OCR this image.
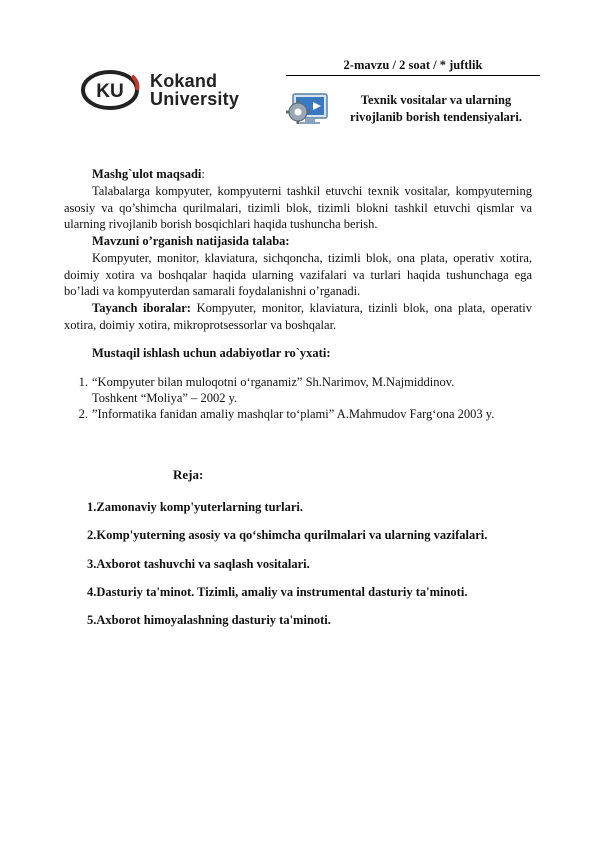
2-mavzu / 2 soat / * juftlik
Texnik vositalar va ularning
rivojlanib borish tendensiyalari.
KU Kokand
University
Mashg`ulot maqsadi:
Talabalarga kompyuter, kompyuterni tashkil etuvchi texnik vositalar, kompyuterning asosiy va qo’shimcha qurilmalari, tizimli blok, tizimli blokni tashkil etuvchi qismlar va ularning rivojlanib borish bosqichlari haqida tushuncha berish.
Mavzuni o’rganish natijasida talaba:
Kompyuter, monitor, klaviatura, sichqoncha, tizimli blok, ona plata, operativ xotira, doimiy xotira va boshqalar haqida ularning vazifalari va turlari haqida tushunchaga ega bo’ladi va kompyuterdan samarali foydalanishni o’rganadi.
Tayanch iboralar: Kompyuter, monitor, klaviatura, tizinli blok, ona plata, operativ xotira, doimiy xotira, mikroprotsessorlar va boshqalar.
Mustaqil ishlash uchun adabiyotlar ro`yxati:
1. “Kompyuter bilan muloqotni o‘rganamiz” Sh.Narimov, M.Najmiddinov.
Toshkent “Moliya” – 2002 y.
2. ”Informatika fanidan amaliy mashqlar to‘plami” A.Mahmudov Farg‘ona 2003 y.
Reja:
1.Zamonaviy komp'yuterlarning turlari.
2.Komp'yuterning asosiy va qo‘shimcha qurilmalari va ularning vazifalari.
3.Axborot tashuvchi va saqlash vositalari.
4.Dasturiy ta'minot. Tizimli, amaliy va instrumental dasturiy ta'minoti.
5.Axborot himoyalashning dasturiy ta'minoti.
